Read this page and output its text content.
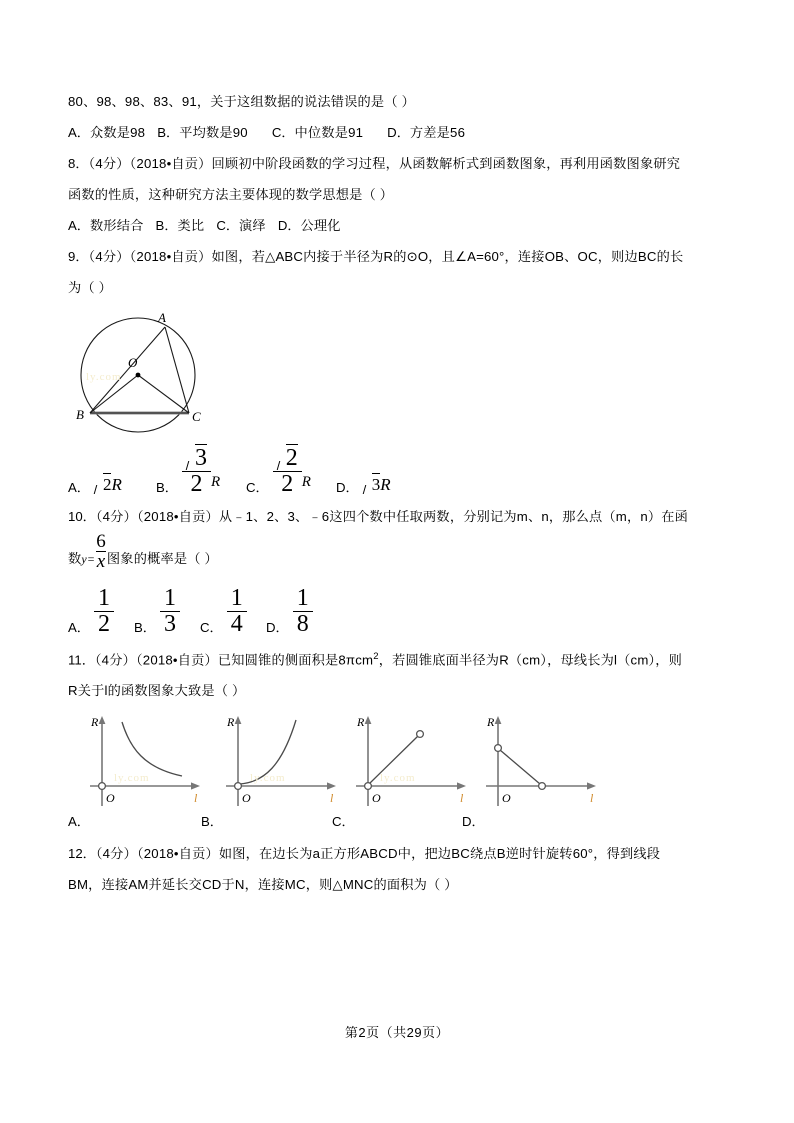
80、98、98、83、91，关于这组数据的说法错误的是（ ）
A．众数是98 B．平均数是90 C．中位数是91 D．方差是56
8．（4分）（2018•自贡）回顾初中阶段函数的学习过程，从函数解析式到函数图象，再利用函数图象研究
函数的性质，这种研究方法主要体现的数学思想是（ ）
A．数形结合 B．类比 C．演绎 D．公理化
9．（4分）（2018•自贡）如图，若△ABC内接于半径为R的⊙O，且∠A=60°，连接OB、OC，则边BC的长
为（ ）
A
B	C
O
ly.com
A． 2R	B． $\frac{3}{2}$ R C． $\frac{2}{2}$ R D． 3R
10．（4分）（2018•自贡）从﹣1、2、3、﹣6这四个数中任取两数，分别记为m、n，那么点（m，n）在函
数$y= \frac{6}{x}$ 图象的概率是（ ）
A． $\frac{1}{2}$ B． $\frac{1}{3}$ C． $\frac{1}{4}$ D． $\frac{1}{8}$
11．（4分）（2018•自贡）已知圆锥的侧面积是8πcm$^2$，若圆锥底面半径为R（cm），母线长为l（cm），则
R关于l的函数图象大致是（ ）
R
O	l
ly.com
A．
R
O	l
ly.com
B．
R
O	l
ly.com
C．
R
O	l
D．
12．（4分）（2018•自贡）如图，在边长为a正方形ABCD中，把边BC绕点B逆时针旋转60°，得到线段
BM，连接AM并延长交CD于N，连接MC，则△MNC的面积为（ ）
第2页（共29页）
